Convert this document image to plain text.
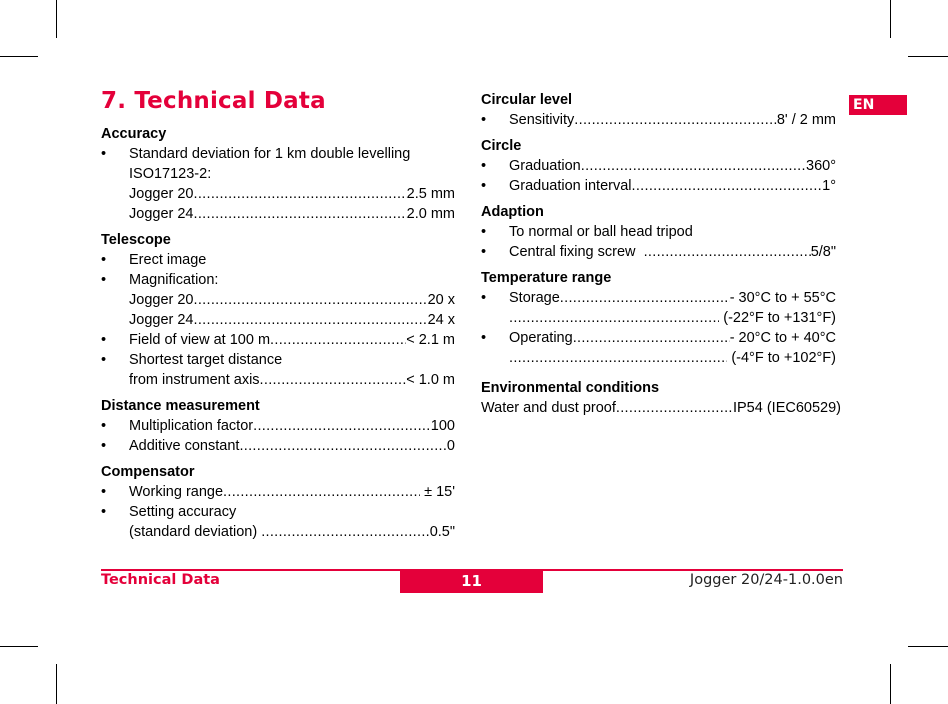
7. Technical Data	EN
Accuracy
• Standard deviation for 1 km double levelling
ISO17123-2:
Jogger 20 .....	2.5 mm
Jogger 24 .....	2.0 mm
Telescope
• Erect image
• Magnification:
Jogger 20 .....	20 x
Jogger 24 .....	24 x
• Field of view at 100 m .....	< 2.1 m
• Shortest target distance
from instrument axis .....	< 1.0 m
Distance measurement
• Multiplication factor .....	100
• Additive constant .....	0
Compensator
• Working range .....	± 15'
• Setting accuracy
(standard deviation) .....	0.5"
Circular level
• Sensitivity .....	8' / 2 mm
Circle
• Graduation .....	360°
• Graduation interval .....	1°
Adaption
• To normal or ball head tripod
• Central fixing screw .....	5/8"
Temperature range
• Storage .....	- 30°C to + 55°C
.....
(-22°F to +131°F)
• Operating .....	- 20°C to + 40°C
.....
(-4°F to +102°F)
Environmental conditions
Water and dust proof .....	IP54 (IEC60529)
Technical Data	11	Jogger 20/24-1.0.0en
